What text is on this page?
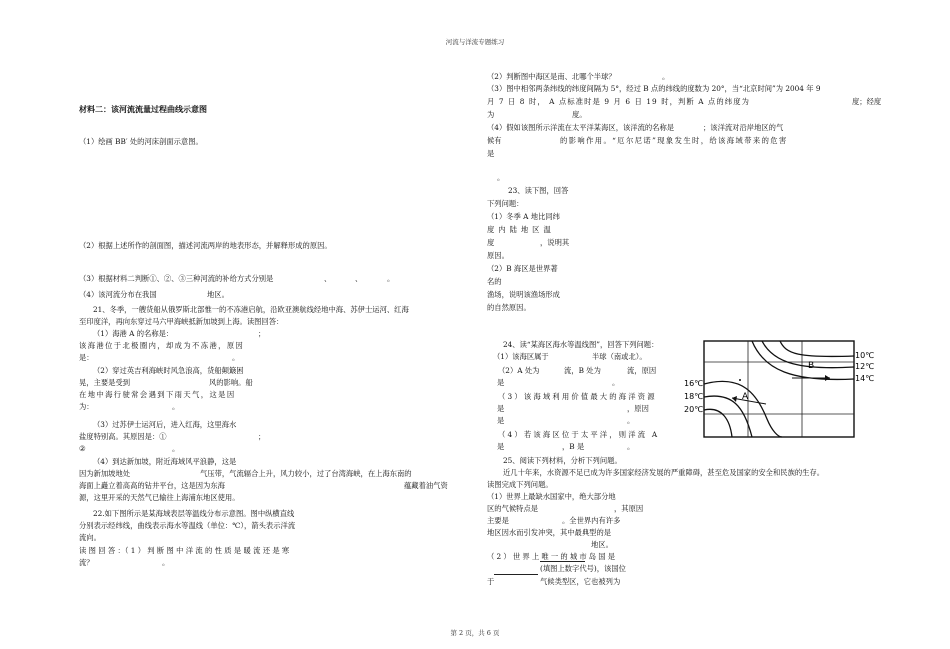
河流与洋流专题练习
材料二：该河流流量过程曲线示意图
（1）绘画 BB′ 处的河床剖面示意图。
（2）根据上述所作的剖面图，描述河流两岸的地表形态，并解释形成的原因。
（3）根据材料二判断①、②、③三种河流的补给方式分别是	、	、	。
（4）该河流分布在我国	地区。
21、冬季，一艘货船从俄罗斯北部惟一的不冻港启航，沿欧亚澳航线经地中海、苏伊士运河、红海
至印度洋，再向东穿过马六甲海峡抵新加坡到上海。读图回答：
（1）海港 A 的名称是：	；
该海港位于北极圈内，却成为不冻港，原因
是：	。
（2）穿过英吉利海峡时风急浪高，货船颠簸困
晃，主要是受到	风的影响。船
在地中海行驶常会遇到下雨天气，这是因
为：	。
（3）过苏伊士运河后，进入红海，这里海水
盐度特别高。其原因是：①	；
②	。
（4）到达新加坡，附近海域风平浪静，这是
因为新加坡地处	气压带，气流辐合上升，风力较小，过了台湾海峡，在上海东南的
海面上矗立着高高的钻井平台，这是因为东海	蕴藏着油气资
源，这里开采的天然气已输往上海浦东地区使用。
22.如下图所示是某海域表层等温线分布示意图。图中纵横直线
分别表示经纬线，曲线表示海水等温线（单位：℃），箭头表示洋流
流向。
读 图 回 答 ：（ 1 ） 判 断 图 中 洋 流 的 性 质 是 暖 流 还 是 寒
流？	。
（2）判断图中海区是南、北哪个半球？	。
（3）图中相邻两条纬线的纬度间隔为 5°，经过 B 点的纬线的度数为 20°，当“北京时间”为 2004 年 9
月 7 日 8 时， A 点标准时是 9 月 6 日 19 时，判断 A 点的纬度为	度；经度
为	度。
（4）假如该图所示洋流在太平洋某海区，该洋流的名称是	；该洋流对沿岸地区的气
候有	的影响作用。“厄尔尼诺”现象发生时，给该海域带来的危害
是
。
23、读下图，回答
下列问题：
（1）冬季 A 地比同纬
度内陆地区温
度	，说明其
原因。
（2）B 海区是世界著
名的
渔场，说明该渔场形成
的自然原因。
24、读“某海区海水等温线图”，回答下列问题：
（1）该海区属于	半球（南或北）。
（2）A 处为	流，B 处为	流，原因
是	。
（3）该海域利用价值最大的海洋资源
是	，原因
是	。
（4）若该海区位于太平洋，则洋流 A
是	，B 是	。
25、阅读下列材料，分析下列问题。
近几十年来，水资源不足已成为许多国家经济发展的严重障碍，甚至危及国家的安全和民族的生存。
读图完成下列问题。
（1）世界上最缺水国家中，绝大部分地
区的气候特点是	，其原因
主要是	。全世界内有许多
地区因水而引发冲突，其中最典型的是
地区。
（2）世界上唯一的城市岛国是
(填图上数字代号)，该国位
于	气候类型区，它也被列为
B
A
10℃
12℃
14℃
16℃
18℃
20℃
第 2 页，共 6 页
